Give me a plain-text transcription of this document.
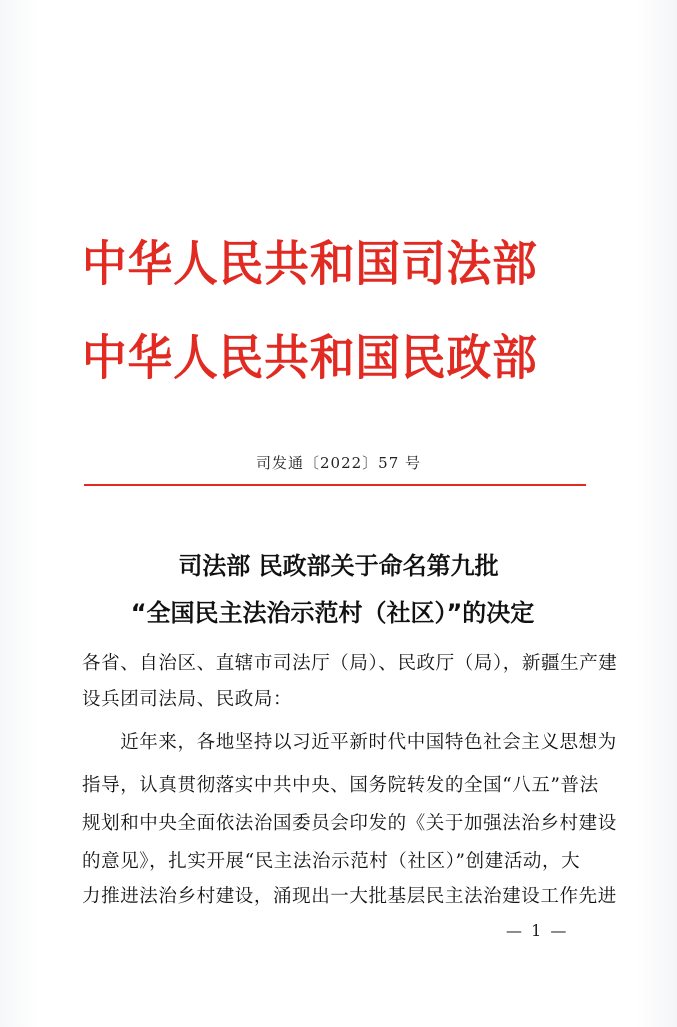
中华人民共和国司法部
中华人民共和国民政部
司发通〔2022〕57 号
司法部 民政部关于命名第九批
“全国民主法治示范村（社区）”的决定
各省、自治区、直辖市司法厅（局）、民政厅（局），新疆生产建
设兵团司法局、民政局：
　　近年来，各地坚持以习近平新时代中国特色社会主义思想为
指导，认真贯彻落实中共中央、国务院转发的全国“八五”普法
规划和中央全面依法治国委员会印发的《关于加强法治乡村建设
的意见》，扎实开展“民主法治示范村（社区）”创建活动，大
力推进法治乡村建设，涌现出一大批基层民主法治建设工作先进
— 1 —
